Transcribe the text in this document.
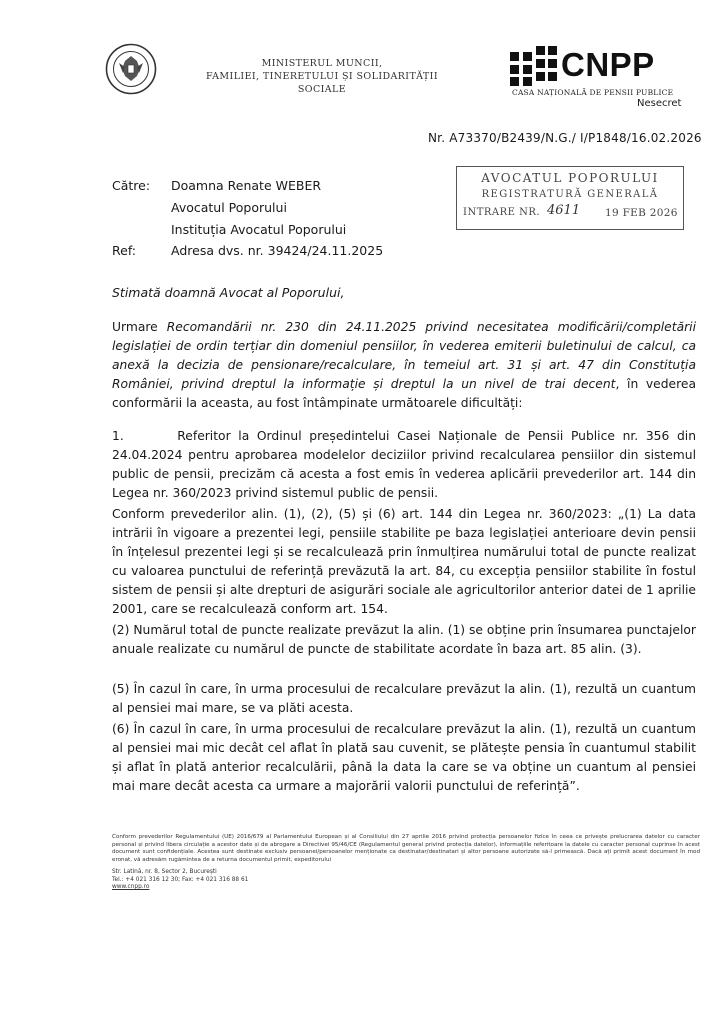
MINISTERUL MUNCII,
FAMILIEI, TINERETULUI ȘI SOLIDARITĂȚII SOCIALE
CNPP
CASA NAȚIONALĂ DE PENSII PUBLICE
Nesecret
Nr. A73370/B2439/N.G./ I/P1848/16.02.2026
Către: Doamna Renate WEBER
Avocatul Poporului
Instituția Avocatul Poporului
Ref:	Adresa dvs. nr. 39424/24.11.2025
AVOCATUL POPORULUI
REGISTRATURĂ GENERALĂ
INTRARE NR. 4611 19 FEB 2026
Stimată doamnă Avocat al Poporului,
Urmare Recomandării nr. 230 din 24.11.2025 privind necesitatea modificării/completării legislației de ordin terțiar din domeniul pensiilor, în vederea emiterii buletinului de calcul, ca anexă la decizia de pensionare/recalculare, în temeiul art. 31 și art. 47 din Constituția României, privind dreptul la informație și dreptul la un nivel de trai decent, în vederea conformării la aceasta, au fost întâmpinate următoarele dificultăți:
1.       Referitor la Ordinul președintelui Casei Naționale de Pensii Publice nr. 356 din 24.04.2024 pentru aprobarea modelelor deciziilor privind recalcularea pensiilor din sistemul public de pensii, precizăm că acesta a fost emis în vederea aplicării prevederilor art. 144 din Legea nr. 360/2023 privind sistemul public de pensii.
Conform prevederilor alin. (1), (2), (5) și (6) art. 144 din Legea nr. 360/2023: „(1) La data intrării în vigoare a prezentei legi, pensiile stabilite pe baza legislației anterioare devin pensii în înțelesul prezentei legi și se recalculează prin înmulțirea numărului total de puncte realizat cu valoarea punctului de referință prevăzută la art. 84, cu excepția pensiilor stabilite în fostul sistem de pensii și alte drepturi de asigurări sociale ale agricultorilor anterior datei de 1 aprilie 2001, care se recalculează conform art. 154.
(2) Numărul total de puncte realizate prevăzut la alin. (1) se obține prin însumarea punctajelor anuale realizate cu numărul de puncte de stabilitate acordate în baza art. 85 alin. (3).
(5) În cazul în care, în urma procesului de recalculare prevăzut la alin. (1), rezultă un cuantum al pensiei mai mare, se va plăti acesta.
(6) În cazul în care, în urma procesului de recalculare prevăzut la alin. (1), rezultă un cuantum al pensiei mai mic decât cel aflat în plată sau cuvenit, se plătește pensia în cuantumul stabilit și aflat în plată anterior recalculării, până la data la care se va obține un cuantum al pensiei mai mare decât acesta ca urmare a majorării valorii punctului de referință”.
Conform prevederilor Regulamentului (UE) 2016/679 al Parlamentului European și al Consiliului din 27 aprilie 2016 privind protecția persoanelor fizice în ceea ce privește prelucrarea datelor cu caracter personal și privind libera circulație a acestor date și de abrogare a Directivei 95/46/CE (Regulamentul general privind protecția datelor), informațiile referitoare la datele cu caracter personal cuprinse în acest document sunt confidențiale. Acestea sunt destinate exclusiv persoanei/persoanelor menționate ca destinatar/destinatari și altor persoane autorizate să-l primească. Dacă ați primit acest document în mod eronat, vă adresăm rugămintea de a returna documentul primit, expeditorului
Str. Latină, nr. 8, Sector 2, București
Tel.: +4 021 316 12 30; Fax: +4 021 316 88 61
www.cnpp.ro
